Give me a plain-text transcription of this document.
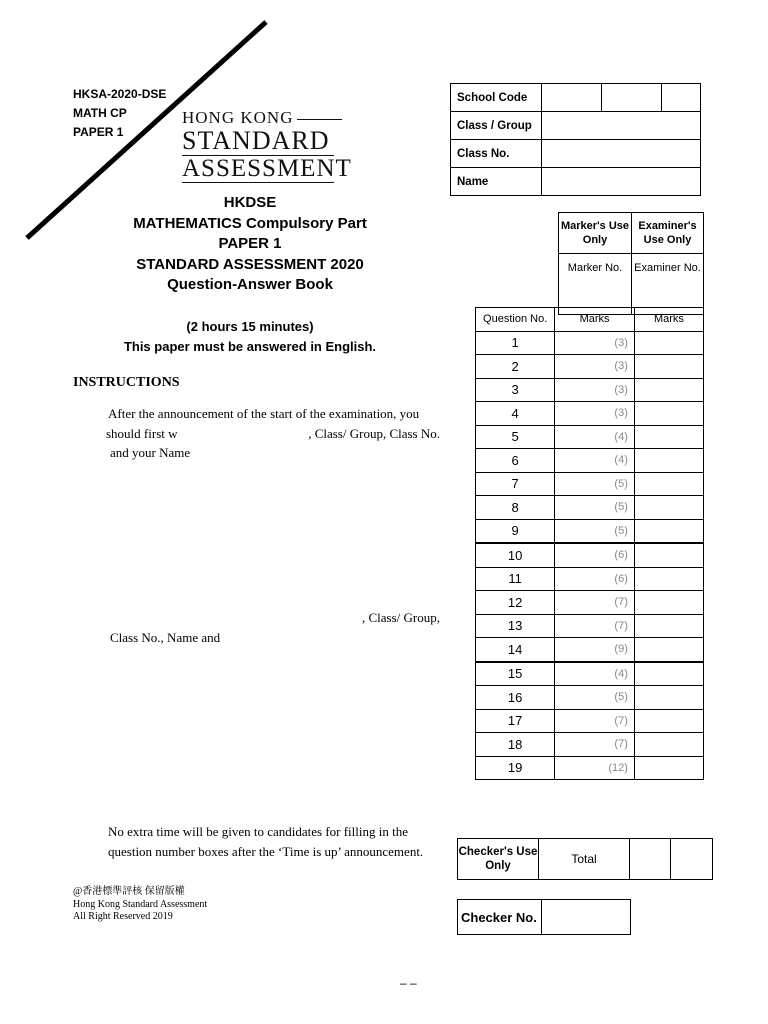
HKSA-2020-DSE
MATH CP
PAPER 1
HONG KONG
STANDARD
ASSESSMENT
HKDSE
MATHEMATICS Compulsory Part
PAPER 1
STANDARD ASSESSMENT 2020
Question-Answer Book
(2 hours 15 minutes)
This paper must be answered in English.
INSTRUCTIONS
After the announcement of the start of the examination, you
should first w	, Class/ Group, Class No.
and your Name
, Class/ Group,
Class No., Name and
No extra time will be given to candidates for filling in the
question number boxes after the ‘Time is up’ announcement.
School Code			
Class / Group			
Class No.			
Name			
Marker's Use Only	Examiner's Use Only
Marker No.	Examiner No.
Question No.	Marks	Marks
1	(3)	
2	(3)	
3	(3)	
4	(3)	
5	(4)	
6	(4)	
7	(5)	
8	(5)	
9	(5)	
10	(6)	
11	(6)	
12	(7)	
13	(7)	
14	(9)	
15	(4)	
16	(5)	
17	(7)	
18	(7)	
19	(12)	
Checker's Use Only	Total		
Checker No.	
@香港標準評核 保留版權
Hong Kong Standard Assessment
All Right Reserved 2019
– –
